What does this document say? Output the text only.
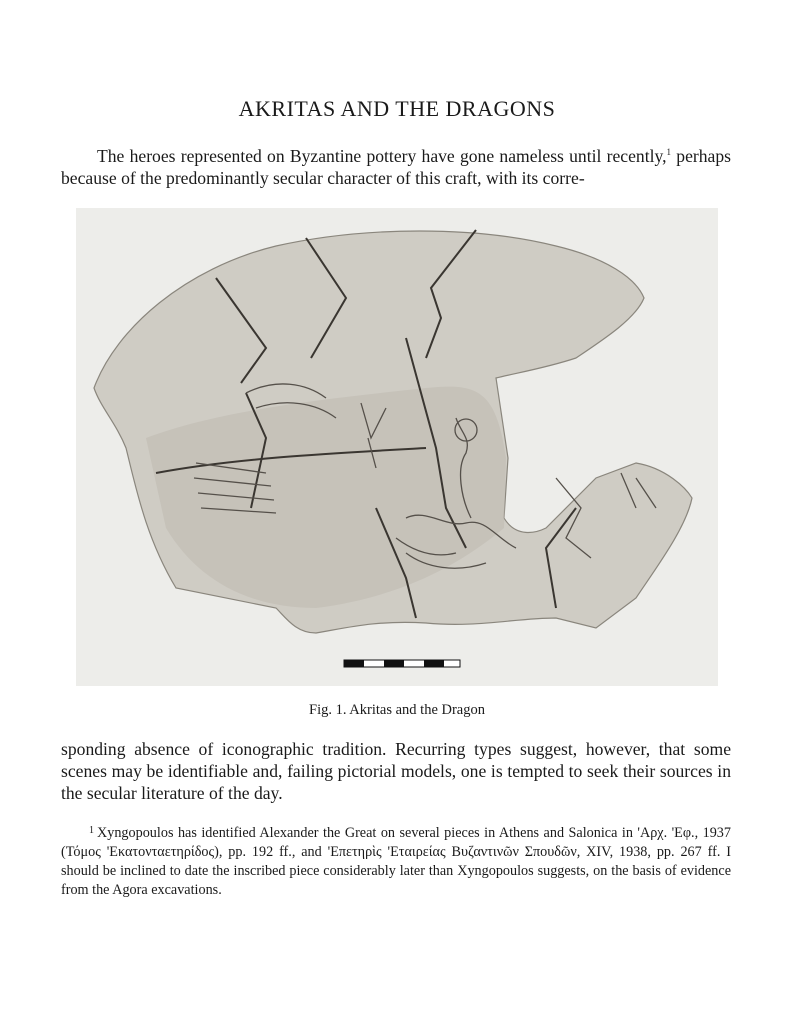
AKRITAS AND THE DRAGONS

The heroes represented on Byzantine pottery have gone nameless until recently,$^1$ perhaps because of the predominantly secular character of this craft, with its corre-

Fig. 1. Akritas and the Dragon

sponding absence of iconographic tradition. Recurring types suggest, however, that some scenes may be identifiable and, failing pictorial models, one is tempted to seek their sources in the secular literature of the day.

$^1$ Xyngopoulos has identified Alexander the Great on several pieces in Athens and Salonica in 'Αρχ. 'Εφ., 1937 (Τόμος 'Εκατονταετηρίδος), pp. 192 ff., and 'Επετηρὶς 'Εταιρείας Βυζαντινῶν Σπουδῶν, XIV, 1938, pp. 267 ff. I should be inclined to date the inscribed piece considerably later than Xyngopoulos suggests, on the basis of evidence from the Agora excavations.
